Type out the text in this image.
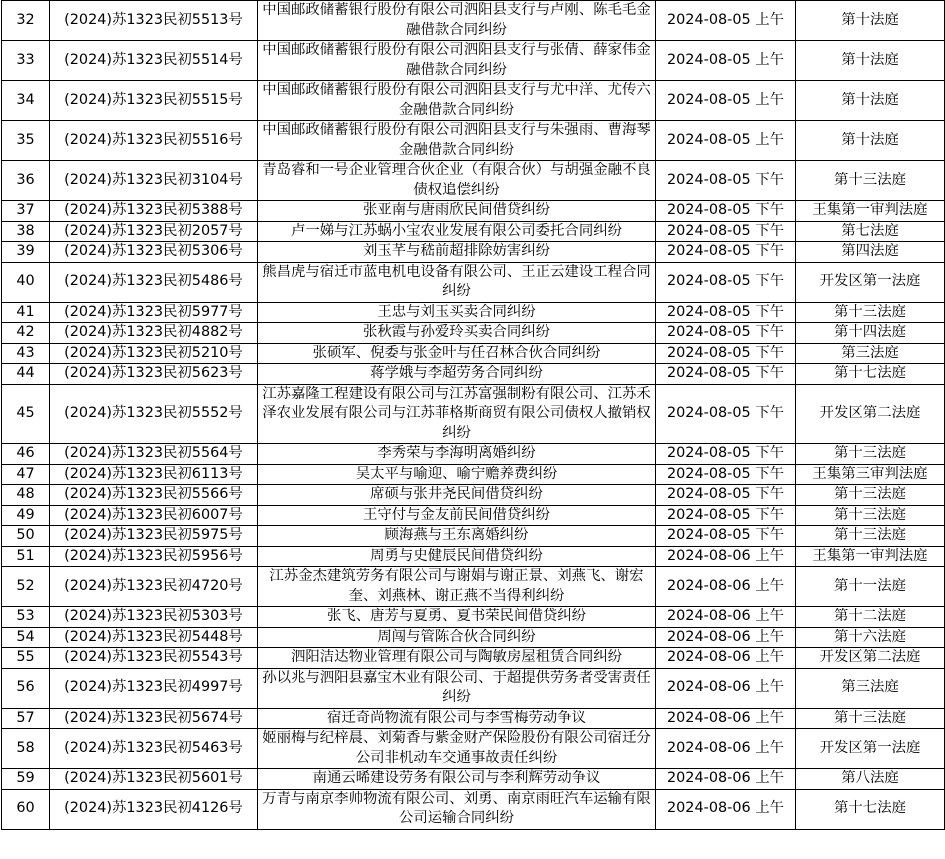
32	(2024)苏1323民初5513号	中国邮政储蓄银行股份有限公司泗阳县支行与卢刚、陈毛毛金融借款合同纠纷	2024-08-05 上午	第十法庭
33	(2024)苏1323民初5514号	中国邮政储蓄银行股份有限公司泗阳县支行与张倩、薛家伟金融借款合同纠纷	2024-08-05 上午	第十法庭
34	(2024)苏1323民初5515号	中国邮政储蓄银行股份有限公司泗阳县支行与尤中洋、尤传六金融借款合同纠纷	2024-08-05 上午	第十法庭
35	(2024)苏1323民初5516号	中国邮政储蓄银行股份有限公司泗阳县支行与朱强雨、曹海琴金融借款合同纠纷	2024-08-05 上午	第十法庭
36	(2024)苏1323民初3104号	青岛睿和一号企业管理合伙企业（有限合伙）与胡强金融不良债权追偿纠纷	2024-08-05 下午	第十三法庭
37	(2024)苏1323民初5388号	张亚南与唐雨欣民间借贷纠纷	2024-08-05 下午	王集第一审判法庭
38	(2024)苏1323民初2057号	卢一娣与江苏蜗小宝农业发展有限公司委托合同纠纷	2024-08-05 下午	第七法庭
39	(2024)苏1323民初5306号	刘玉芊与嵇前超排除妨害纠纷	2024-08-05 下午	第四法庭
40	(2024)苏1323民初5486号	熊昌虎与宿迁市蓝电机电设备有限公司、王正云建设工程合同纠纷	2024-08-05 下午	开发区第一法庭
41	(2024)苏1323民初5977号	王忠与刘玉买卖合同纠纷	2024-08-05 下午	第十三法庭
42	(2024)苏1323民初4882号	张秋霞与孙爱玲买卖合同纠纷	2024-08-05 下午	第十四法庭
43	(2024)苏1323民初5210号	张硕军、倪委与张金叶与任召林合伙合同纠纷	2024-08-05 下午	第三法庭
44	(2024)苏1323民初5623号	蒋学娥与李超劳务合同纠纷	2024-08-05 下午	第十七法庭
45	(2024)苏1323民初5552号	江苏嘉隆工程建设有限公司与江苏富强制粉有限公司、江苏禾泽农业发展有限公司与江苏菲格斯商贸有限公司债权人撤销权纠纷	2024-08-05 下午	开发区第二法庭
46	(2024)苏1323民初5564号	李秀荣与李海明离婚纠纷	2024-08-05 下午	第十三法庭
47	(2024)苏1323民初6113号	吴太平与喻迎、喻宁赡养费纠纷	2024-08-05 下午	王集第三审判法庭
48	(2024)苏1323民初5566号	席硕与张井尧民间借贷纠纷	2024-08-05 下午	第十三法庭
49	(2024)苏1323民初6007号	王守付与金友前民间借贷纠纷	2024-08-05 下午	第十三法庭
50	(2024)苏1323民初5975号	顾海燕与王东离婚纠纷	2024-08-05 下午	第十三法庭
51	(2024)苏1323民初5956号	周勇与史健辰民间借贷纠纷	2024-08-06 上午	王集第一审判法庭
52	(2024)苏1323民初4720号	江苏金杰建筑劳务有限公司与谢娟与谢正景、刘燕飞、谢宏奎、刘燕林、谢正燕不当得利纠纷	2024-08-06 上午	第十一法庭
53	(2024)苏1323民初5303号	张飞、唐芳与夏勇、夏书荣民间借贷纠纷	2024-08-06 上午	第十二法庭
54	(2024)苏1323民初5448号	周闯与管陈合伙合同纠纷	2024-08-06 上午	第十六法庭
55	(2024)苏1323民初5543号	泗阳洁达物业管理有限公司与陶敏房屋租赁合同纠纷	2024-08-06 上午	开发区第二法庭
56	(2024)苏1323民初4997号	孙以兆与泗阳县嘉宝木业有限公司、于超提供劳务者受害责任纠纷	2024-08-06 上午	第三法庭
57	(2024)苏1323民初5674号	宿迁奇尚物流有限公司与李雪梅劳动争议	2024-08-06 上午	第十三法庭
58	(2024)苏1323民初5463号	姬丽梅与纪梓晨、刘菊香与紫金财产保险股份有限公司宿迁分公司非机动车交通事故责任纠纷	2024-08-06 上午	开发区第一法庭
59	(2024)苏1323民初5601号	南通云晞建设劳务有限公司与李利辉劳动争议	2024-08-06 上午	第八法庭
60	(2024)苏1323民初4126号	万青与南京李帅物流有限公司、刘勇、南京雨旺汽车运输有限公司运输合同纠纷	2024-08-06 上午	第十七法庭
